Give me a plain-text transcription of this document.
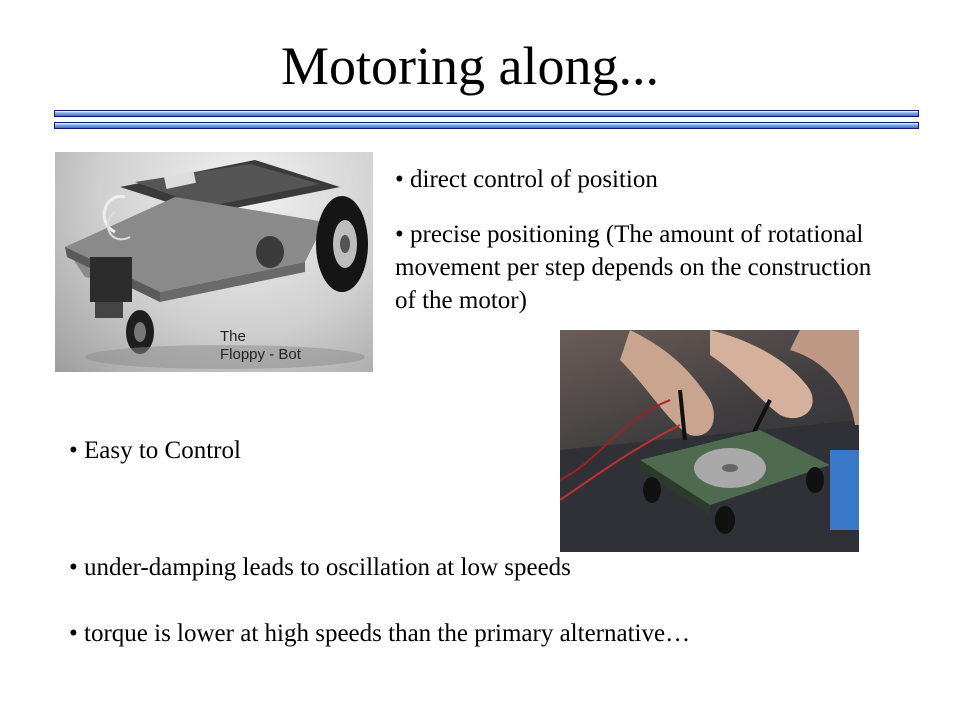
Motoring along...
The
Floppy - Bot
• direct control of position
• precise positioning (The amount of rotational movement per step depends on the construction of the motor)
• Easy to Control
• under-damping leads to oscillation at low speeds
• torque is lower at high speeds than the primary alternative…
